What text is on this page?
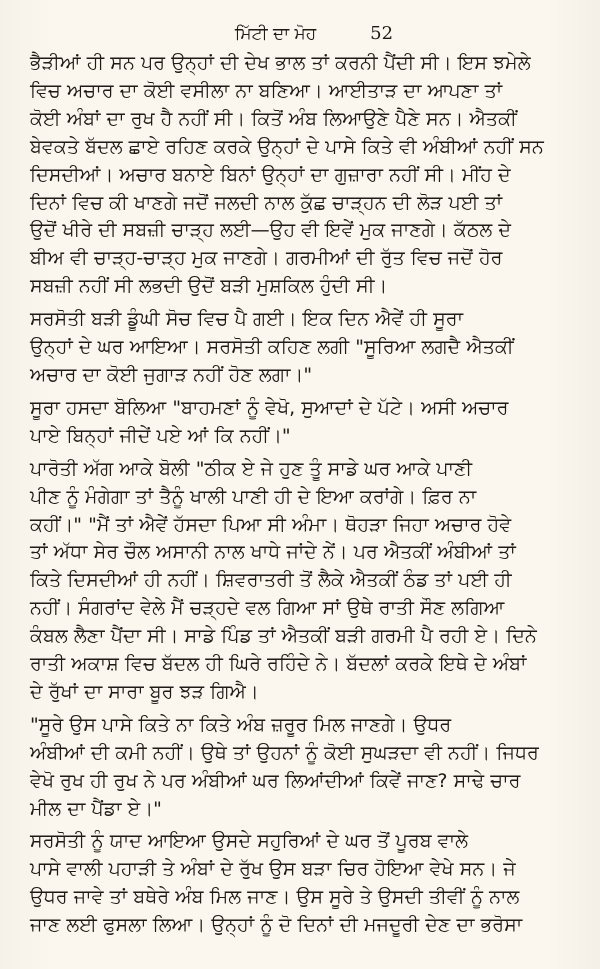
ਮਿੱਟੀ ਦਾ ਮੋਹ	52

ਭੈੜੀਆਂ ਹੀ ਸਨ ਪਰ ਉਨ੍ਹਾਂ ਦੀ ਦੇਖ ਭਾਲ ਤਾਂ ਕਰਨੀ ਪੈਂਦੀ ਸੀ। ਇਸ ਝਮੇਲੇ
ਵਿਚ ਅਚਾਰ ਦਾ ਕੋਈ ਵਸੀਲਾ ਨਾ ਬਣਿਆ। ਆਈਤਾੜ ਦਾ ਆਪਣਾ ਤਾਂ
ਕੋਈ ਅੰਬਾਂ ਦਾ ਰੁਖ ਹੈ ਨਹੀਂ ਸੀ। ਕਿਤੋਂ ਅੰਬ ਲਿਆਉਣੇ ਪੈਣੇ ਸਨ। ਐਤਕੀਂ
ਬੇਵਕਤੇ ਬੱਦਲ ਛਾਏ ਰਹਿਣ ਕਰਕੇ ਉਨ੍ਹਾਂ ਦੇ ਪਾਸੇ ਕਿਤੇ ਵੀ ਅੰਬੀਆਂ ਨਹੀਂ ਸਨ
ਦਿਸਦੀਆਂ। ਅਚਾਰ ਬਨਾਏ ਬਿਨਾਂ ਉਨ੍ਹਾਂ ਦਾ ਗੁਜ਼ਾਰਾ ਨਹੀਂ ਸੀ। ਮੀਂਹ ਦੇ
ਦਿਨਾਂ ਵਿਚ ਕੀ ਖਾਣਗੇ ਜਦੋਂ ਜਲਦੀ ਨਾਲ ਕੁੱਛ ਚਾੜ੍ਹਨ ਦੀ ਲੋੜ ਪਈ ਤਾਂ
ਉਦੋਂ ਖੀਰੇ ਦੀ ਸਬਜ਼ੀ ਚਾੜ੍ਹ ਲਈ—ਉਹ ਵੀ ਇਵੇਂ ਮੁਕ ਜਾਣਗੇ। ਕੱਠਲ ਦੇ
ਬੀਅ ਵੀ ਚਾੜ੍ਹ-ਚਾੜ੍ਹ ਮੁਕ ਜਾਣਗੇ। ਗਰਮੀਆਂ ਦੀ ਰੁੱਤ ਵਿਚ ਜਦੋਂ ਹੋਰ
ਸਬਜ਼ੀ ਨਹੀਂ ਸੀ ਲਭਦੀ ਉਦੋਂ ਬੜੀ ਮੁਸ਼ਕਿਲ ਹੁੰਦੀ ਸੀ।

ਸਰਸੋਤੀ ਬੜੀ ਡੂੰਘੀ ਸੋਚ ਵਿਚ ਪੈ ਗਈ। ਇਕ ਦਿਨ ਐਵੇਂ ਹੀ ਸੂਰਾ
ਉਨ੍ਹਾਂ ਦੇ ਘਰ ਆਇਆ। ਸਰਸੋਤੀ ਕਹਿਣ ਲਗੀ "ਸੂਰਿਆ ਲਗਦੈ ਐਤਕੀਂ
ਅਚਾਰ ਦਾ ਕੋਈ ਜੁਗਾੜ ਨਹੀਂ ਹੋਣ ਲਗਾ।"

ਸੂਰਾ ਹਸਦਾ ਬੋਲਿਆ "ਬਾਹਮਣਾਂ ਨੂੰ ਵੇਖੋ, ਸੁਆਦਾਂ ਦੇ ਪੱਟੇ। ਅਸੀ ਅਚਾਰ
ਪਾਏ ਬਿਨ੍ਹਾਂ ਜੀਦੇਂ ਪਏ ਆਂ ਕਿ ਨਹੀਂ।"

ਪਾਰੋਤੀ ਅੱਗ ਆਕੇ ਬੋਲੀ "ਠੀਕ ਏ ਜੇ ਹੁਣ ਤੂੰ ਸਾਡੇ ਘਰ ਆਕੇ ਪਾਣੀ
ਪੀਣ ਨੂੰ ਮੰਗੇਗਾ ਤਾਂ ਤੈਨੂੰ ਖਾਲੀ ਪਾਣੀ ਹੀ ਦੇ ਇਆ ਕਰਾਂਗੇ। ਫ਼ਿਰ ਨਾ
ਕਹੀਂ।" "ਮੈਂ ਤਾਂ ਐਵੇਂ ਹੱਸਦਾ ਪਿਆ ਸੀ ਅੰਮਾ। ਥੋਹੜਾ ਜਿਹਾ ਅਚਾਰ ਹੋਵੇ
ਤਾਂ ਅੱਧਾ ਸੇਰ ਚੌਲ ਅਸਾਨੀ ਨਾਲ ਖਾਧੇ ਜਾਂਦੇ ਨੇਂ। ਪਰ ਐਤਕੀਂ ਅੰਬੀਆਂ ਤਾਂ
ਕਿਤੇ ਦਿਸਦੀਆਂ ਹੀ ਨਹੀਂ। ਸ਼ਿਵਰਾਤਰੀ ਤੋਂ ਲੈਕੇ ਐਤਕੀਂ ਠੰਡ ਤਾਂ ਪਈ ਹੀ
ਨਹੀਂ। ਸੰਗਰਾਂਦ ਵੇਲੇ ਮੈਂ ਚੜ੍ਹਦੇ ਵਲ ਗਿਆ ਸਾਂ ਉਥੇ ਰਾਤੀ ਸੌਣ ਲਗਿਆ
ਕੰਬਲ ਲੈਣਾ ਪੈਂਦਾ ਸੀ। ਸਾਡੇ ਪਿੰਡ ਤਾਂ ਐਤਕੀਂ ਬੜੀ ਗਰਮੀ ਪੈ ਰਹੀ ਏ। ਦਿਨੇ
ਰਾਤੀ ਅਕਾਸ਼ ਵਿਚ ਬੱਦਲ ਹੀ ਘਿਰੇ ਰਹਿੰਦੇ ਨੇ। ਬੱਦਲਾਂ ਕਰਕੇ ਇਥੇ ਦੇ ਅੰਬਾਂ
ਦੇ ਰੁੱਖਾਂ ਦਾ ਸਾਰਾ ਬੂਰ ਝੜ ਗਿਐ।

"ਸੂਰੇ ਉਸ ਪਾਸੇ ਕਿਤੇ ਨਾ ਕਿਤੇ ਅੰਬ ਜ਼ਰੂਰ ਮਿਲ ਜਾਣਗੇ। ਉਧਰ
ਅੰਬੀਆਂ ਦੀ ਕਮੀ ਨਹੀਂ। ਉਥੇ ਤਾਂ ਉਹਨਾਂ ਨੂੰ ਕੋਈ ਸੁਘੜਦਾ ਵੀ ਨਹੀਂ। ਜਿਧਰ
ਵੇਖੋ ਰੁਖ ਹੀ ਰੁਖ ਨੇ ਪਰ ਅੰਬੀਆਂ ਘਰ ਲਿਆਂਦੀਆਂ ਕਿਵੇਂ ਜਾਣ? ਸਾਢੇ ਚਾਰ
ਮੀਲ ਦਾ ਪੈਂਡਾ ਏ।"

ਸਰਸੋਤੀ ਨੂੰ ਯਾਦ ਆਇਆ ਉਸਦੇ ਸਹੁਰਿਆਂ ਦੇ ਘਰ ਤੋਂ ਪੂਰਬ ਵਾਲੇ
ਪਾਸੇ ਵਾਲੀ ਪਹਾੜੀ ਤੇ ਅੰਬਾਂ ਦੇ ਰੁੱਖ ਉਸ ਬੜਾ ਚਿਰ ਹੋਇਆ ਵੇਖੇ ਸਨ। ਜੇ
ਉਧਰ ਜਾਵੇ ਤਾਂ ਬਥੇਰੇ ਅੰਬ ਮਿਲ ਜਾਣ। ਉਸ ਸੂਰੇ ਤੇ ਉਸਦੀ ਤੀਵੀਂ ਨੂੰ ਨਾਲ
ਜਾਣ ਲਈ ਫੁਸਲਾ ਲਿਆ। ਉਨ੍ਹਾਂ ਨੂੰ ਦੋ ਦਿਨਾਂ ਦੀ ਮਜਦੂਰੀ ਦੇਣ ਦਾ ਭਰੋਸਾ
